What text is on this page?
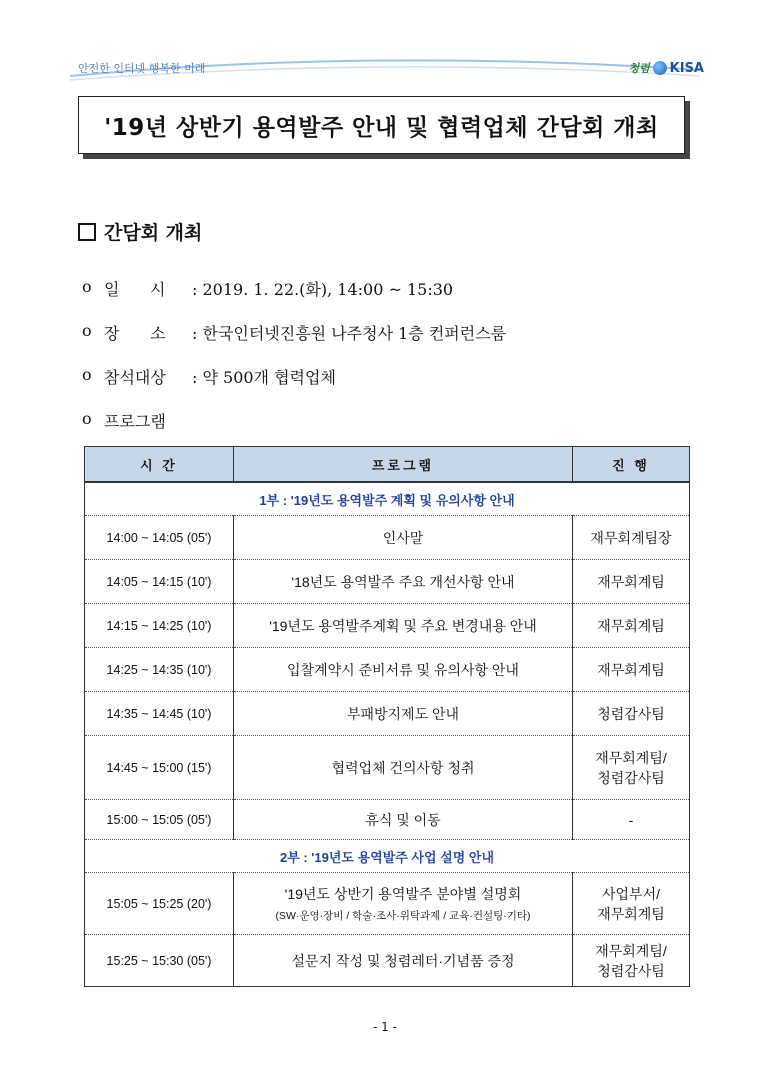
안전한 인터넷 행복한 미래	청렴 KISA
'19년 상반기 용역발주 안내 및 협력업체 간담회 개최
간담회 개최
o 일      시	: 2019. 1. 22.(화), 14:00 ~ 15:30
o 장      소	: 한국인터넷진흥원 나주청사 1층 컨퍼런스룸
o 참석대상	: 약 500개 협력업체
o 프로그램
시 간	프로그램	진 행
1부 : '19년도 용역발주 계획 및 유의사항 안내		
14:00 ~ 14:05 (05')	인사말	재무회계팀장
14:05 ~ 14:15 (10')	'18년도 용역발주 주요 개선사항 안내	재무회계팀
14:15 ~ 14:25 (10')	'19년도 용역발주계획 및 주요 변경내용 안내	재무회계팀
14:25 ~ 14:35 (10')	입찰계약시 준비서류 및 유의사항 안내	재무회계팀
14:35 ~ 14:45 (10')	부패방지제도 안내	청렴감사팀
14:45 ~ 15:00 (15')	협력업체 건의사항 청취	재무회계팀/
청렴감사팀
15:00 ~ 15:05 (05')	휴식 및 이동	-
2부 : '19년도 용역발주 사업 설명 안내		
15:05 ~ 15:25 (20')	'19년도 상반기 용역발주 분야별 설명회
(SW·운영·장비 / 학술·조사·위탁과제 / 교육·컨설팅·기타)	사업부서/
재무회계팀
15:25 ~ 15:30 (05')	설문지 작성 및 청렴레터·기념품 증정	재무회계팀/
청렴감사팀
- 1 -
